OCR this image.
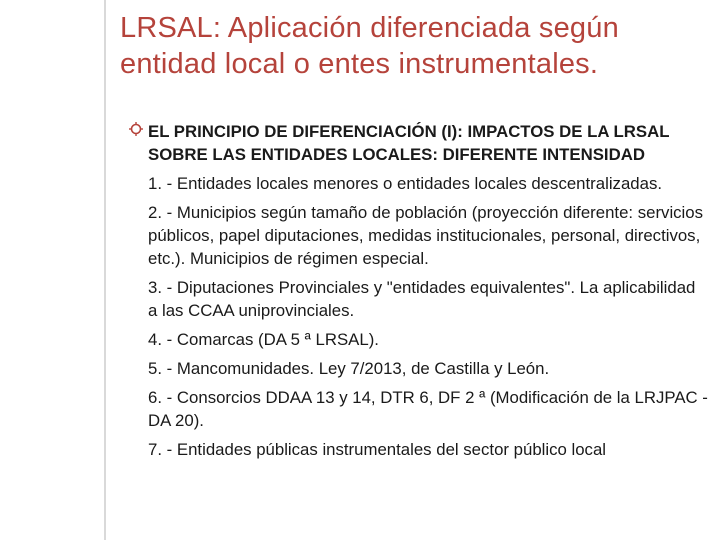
LRSAL: Aplicación diferenciada según entidad local o entes instrumentales.

EL PRINCIPIO DE DIFERENCIACIÓN (I): IMPACTOS DE LA LRSAL SOBRE LAS ENTIDADES LOCALES: DIFERENTE INTENSIDAD

1. - Entidades locales menores o entidades locales descentralizadas.

2. - Municipios según tamaño de población (proyección diferente: servicios públicos, papel diputaciones, medidas institucionales, personal, directivos, etc.). Municipios de régimen especial.

3. - Diputaciones Provinciales y "entidades equivalentes". La aplicabilidad a las CCAA uniprovinciales.

4. - Comarcas (DA 5 ª LRSAL).

5. - Mancomunidades. Ley 7/2013, de Castilla y León.

6. - Consorcios DDAA 13 y 14, DTR 6, DF 2 ª (Modificación de la LRJPAC - DA 20).

7. - Entidades públicas instrumentales del sector público local
